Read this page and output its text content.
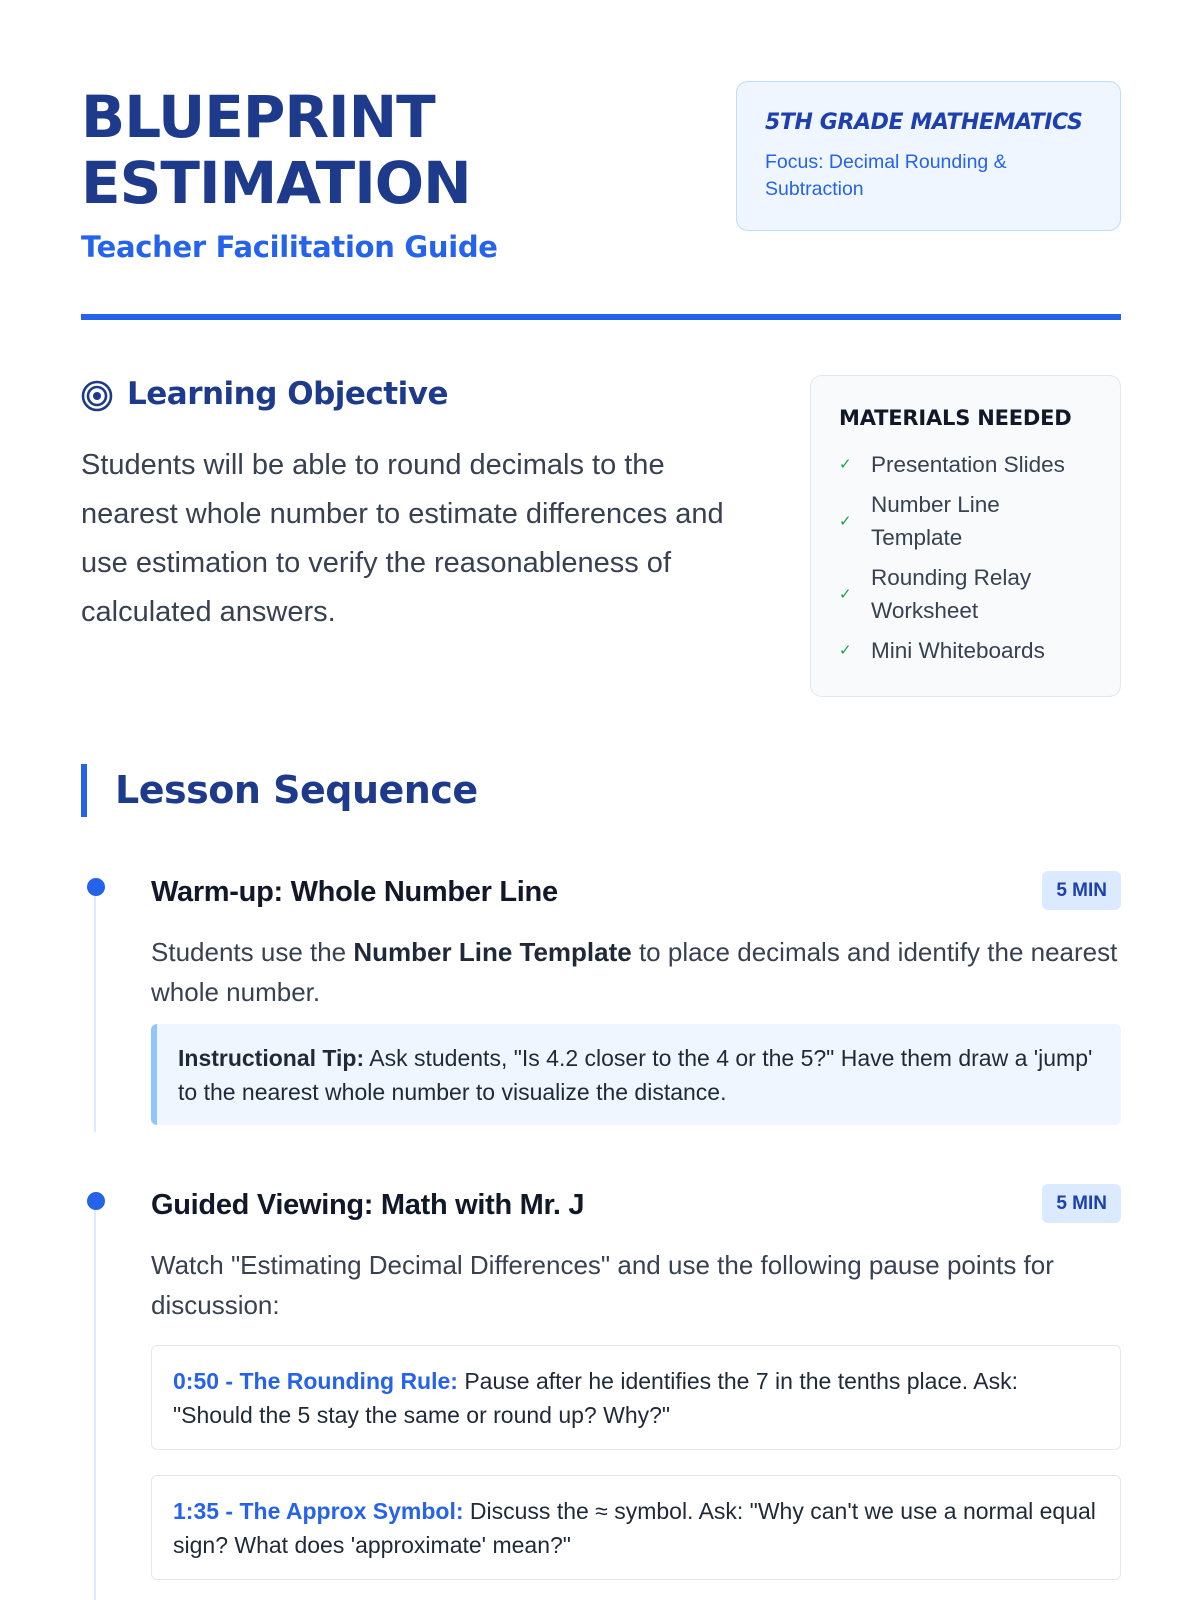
BLUEPRINT
ESTIMATION
Teacher Facilitation Guide
5TH GRADE MATHEMATICS
Focus: Decimal Rounding &
Subtraction
Learning Objective

Students will be able to round decimals to the nearest whole number to estimate differences and use estimation to verify the reasonableness of calculated answers.

MATERIALS NEEDED
✓ Presentation Slides
✓
Number Line
Template
✓
Rounding Relay
Worksheet
✓ Mini Whiteboards
Lesson Sequence
Warm-up: Whole Number Line	5 MIN

Students use the Number Line Template to place decimals and identify the nearest whole number.

Instructional Tip: Ask students, "Is 4.2 closer to the 4 or the 5?" Have them draw a 'jump' to the nearest whole number to visualize the distance.
Guided Viewing: Math with Mr. J	5 MIN

Watch "Estimating Decimal Differences" and use the following pause points for discussion:

0:50 - The Rounding Rule: Pause after he identifies the 7 in the tenths place. Ask: "Should the 5 stay the same or round up? Why?"
1:35 - The Approx Symbol: Discuss the ≈ symbol. Ask: "Why can't we use a normal equal sign? What does 'approximate' mean?"
